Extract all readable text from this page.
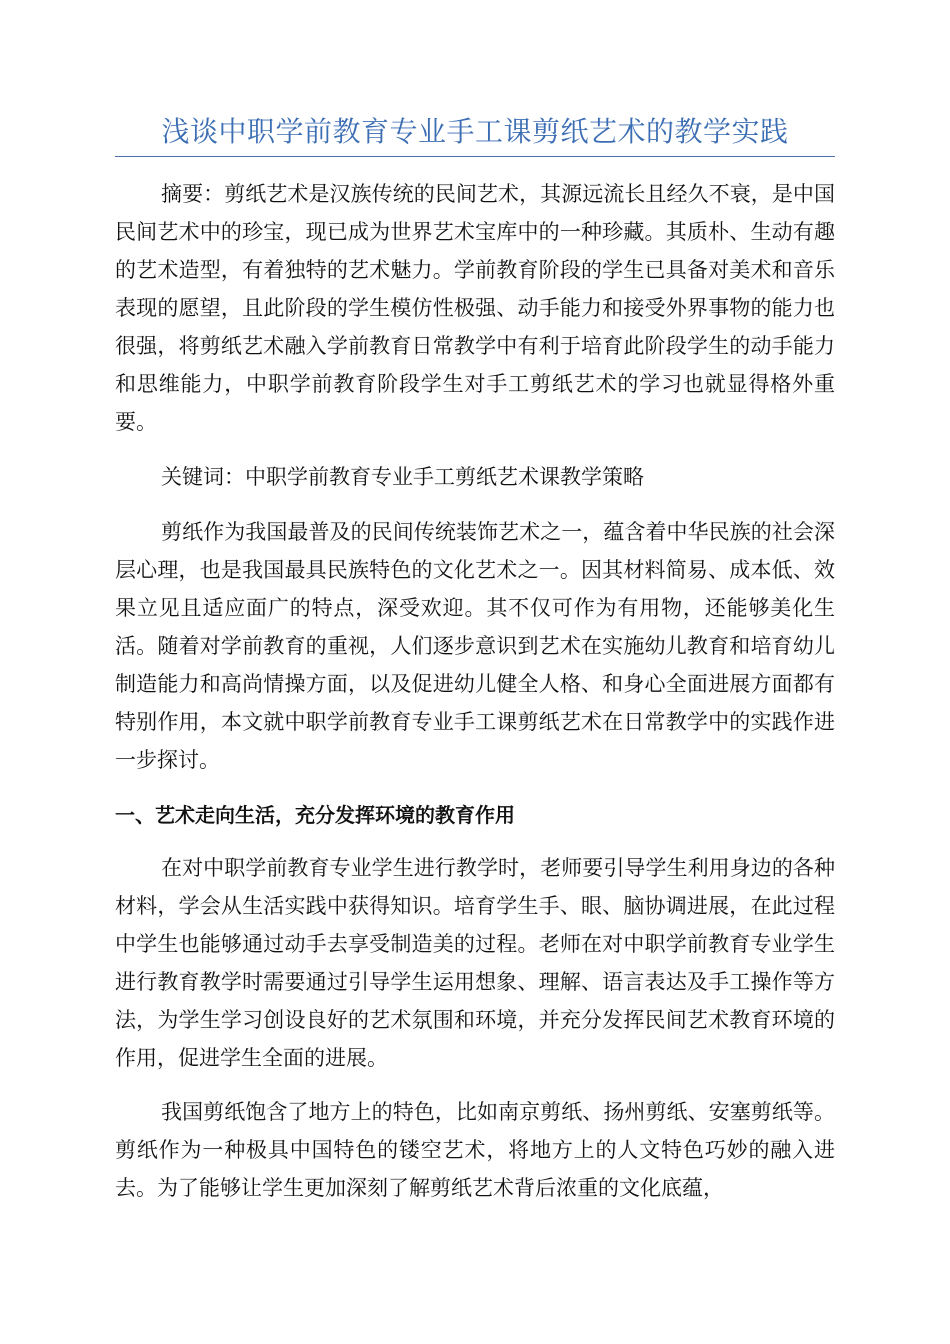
浅谈中职学前教育专业手工课剪纸艺术的教学实践

摘要：剪纸艺术是汉族传统的民间艺术，其源远流长且经久不衰，是中国民间艺术中的珍宝，现已成为世界艺术宝库中的一种珍藏。其质朴、生动有趣的艺术造型，有着独特的艺术魅力。学前教育阶段的学生已具备对美术和音乐表现的愿望，且此阶段的学生模仿性极强、动手能力和接受外界事物的能力也很强，将剪纸艺术融入学前教育日常教学中有利于培育此阶段学生的动手能力和思维能力，中职学前教育阶段学生对手工剪纸艺术的学习也就显得格外重要。

关键词：中职学前教育专业手工剪纸艺术课教学策略

剪纸作为我国最普及的民间传统装饰艺术之一，蕴含着中华民族的社会深层心理，也是我国最具民族特色的文化艺术之一。因其材料简易、成本低、效果立见且适应面广的特点，深受欢迎。其不仅可作为有用物，还能够美化生活。随着对学前教育的重视，人们逐步意识到艺术在实施幼儿教育和培育幼儿制造能力和高尚情操方面，以及促进幼儿健全人格、和身心全面进展方面都有特别作用，本文就中职学前教育专业手工课剪纸艺术在日常教学中的实践作进一步探讨。

一、艺术走向生活，充分发挥环境的教育作用

在对中职学前教育专业学生进行教学时，老师要引导学生利用身边的各种材料，学会从生活实践中获得知识。培育学生手、眼、脑协调进展，在此过程中学生也能够通过动手去享受制造美的过程。老师在对中职学前教育专业学生进行教育教学时需要通过引导学生运用想象、理解、语言表达及手工操作等方法，为学生学习创设良好的艺术氛围和环境，并充分发挥民间艺术教育环境的作用，促进学生全面的进展。

我国剪纸饱含了地方上的特色，比如南京剪纸、扬州剪纸、安塞剪纸等。剪纸作为一种极具中国特色的镂空艺术，将地方上的人文特色巧妙的融入进去。为了能够让学生更加深刻了解剪纸艺术背后浓重的文化底蕴，
